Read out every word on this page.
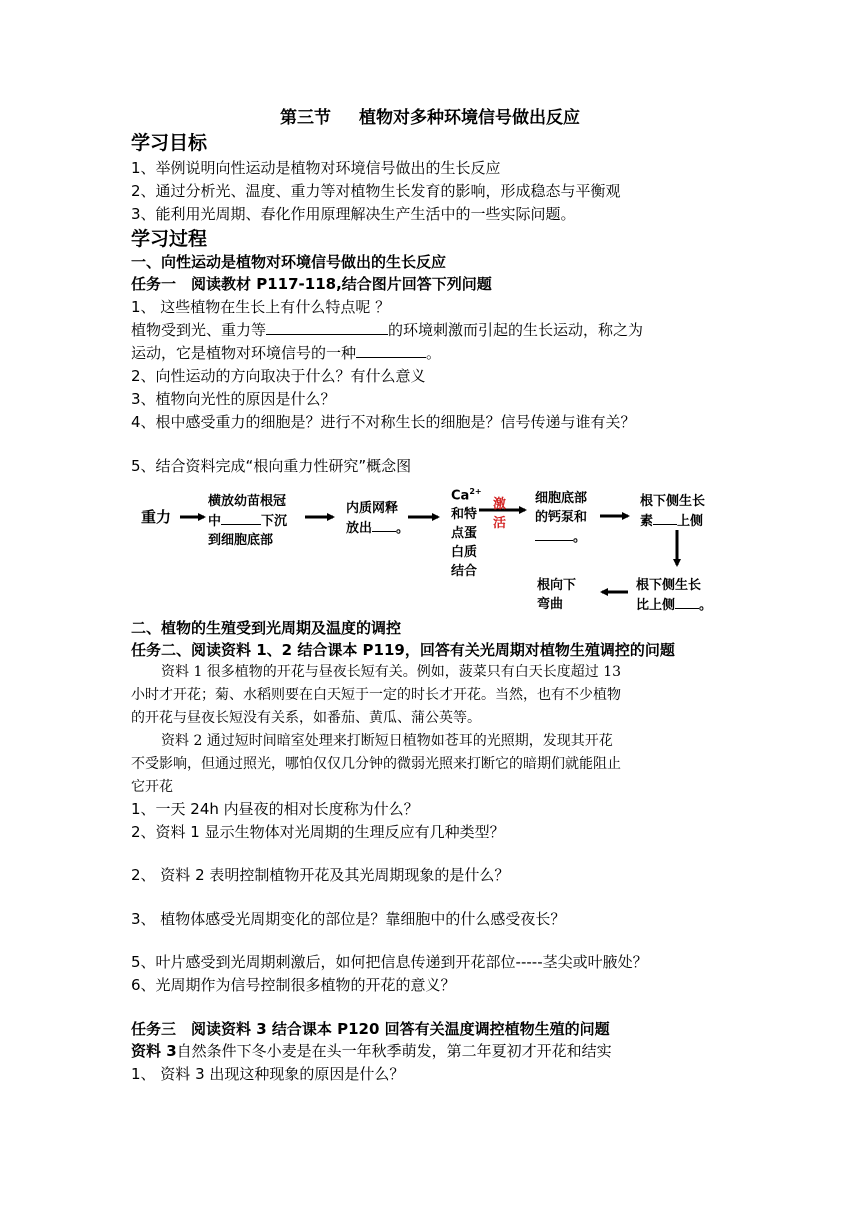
第三节 植物对多种环境信号做出反应
学习目标
1、举例说明向性运动是植物对环境信号做出的生长反应
2、通过分析光、温度、重力等对植物生长发育的影响，形成稳态与平衡观
3、能利用光周期、春化作用原理解决生产生活中的一些实际问题。
学习过程
一、向性运动是植物对环境信号做出的生长反应
任务一　阅读教材 P117-118,结合图片回答下列问题
1、 这些植物在生长上有什么特点呢 ？
植物受到光、重力等	的环境刺激而引起的生长运动，称之为
运动，它是植物对环境信号的一种	。
2、向性运动的方向取决于什么？有什么意义
3、植物向光性的原因是什么？
4、根中感受重力的细胞是？进行不对称生长的细胞是？信号传递与谁有关？
5、结合资料完成“根向重力性研究”概念图
重力
横放幼苗根冠
中	下沉
到细胞底部
内质网释
放出 。
$Ca^{2+}$
和特
点蛋
白质
结合
激
活
细胞底部
的钙泵和
。
根下侧生长
素 上侧
根下侧生长
比上侧 。
根向下
弯曲
二、植物的生殖受到光周期及温度的调控
任务二、阅读资料 1、2 结合课本 P119，回答有关光周期对植物生殖调控的问题
资料 1 很多植物的开花与昼夜长短有关。例如，菠菜只有白天长度超过 13
小时才开花；菊、水稻则要在白天短于一定的时长才开花。当然，也有不少植物
的开花与昼夜长短没有关系，如番茄、黄瓜、蒲公英等。
资料 2 通过短时间暗室处理来打断短日植物如苍耳的光照期，发现其开花
不受影响，但通过照光，哪怕仅仅几分钟的微弱光照来打断它的暗期们就能阻止
它开花
1、一天 24h 内昼夜的相对长度称为什么？
2、资料 1 显示生物体对光周期的生理反应有几种类型？
2、 资料 2 表明控制植物开花及其光周期现象的是什么？
3、 植物体感受光周期变化的部位是？靠细胞中的什么感受夜长？
5、叶片感受到光周期刺激后，如何把信息传递到开花部位-----茎尖或叶腋处？
6、光周期作为信号控制很多植物的开花的意义？
任务三　阅读资料 3 结合课本 P120 回答有关温度调控植物生殖的问题
资料 3自然条件下冬小麦是在头一年秋季萌发，第二年夏初才开花和结实
1、 资料 3 出现这种现象的原因是什么？
